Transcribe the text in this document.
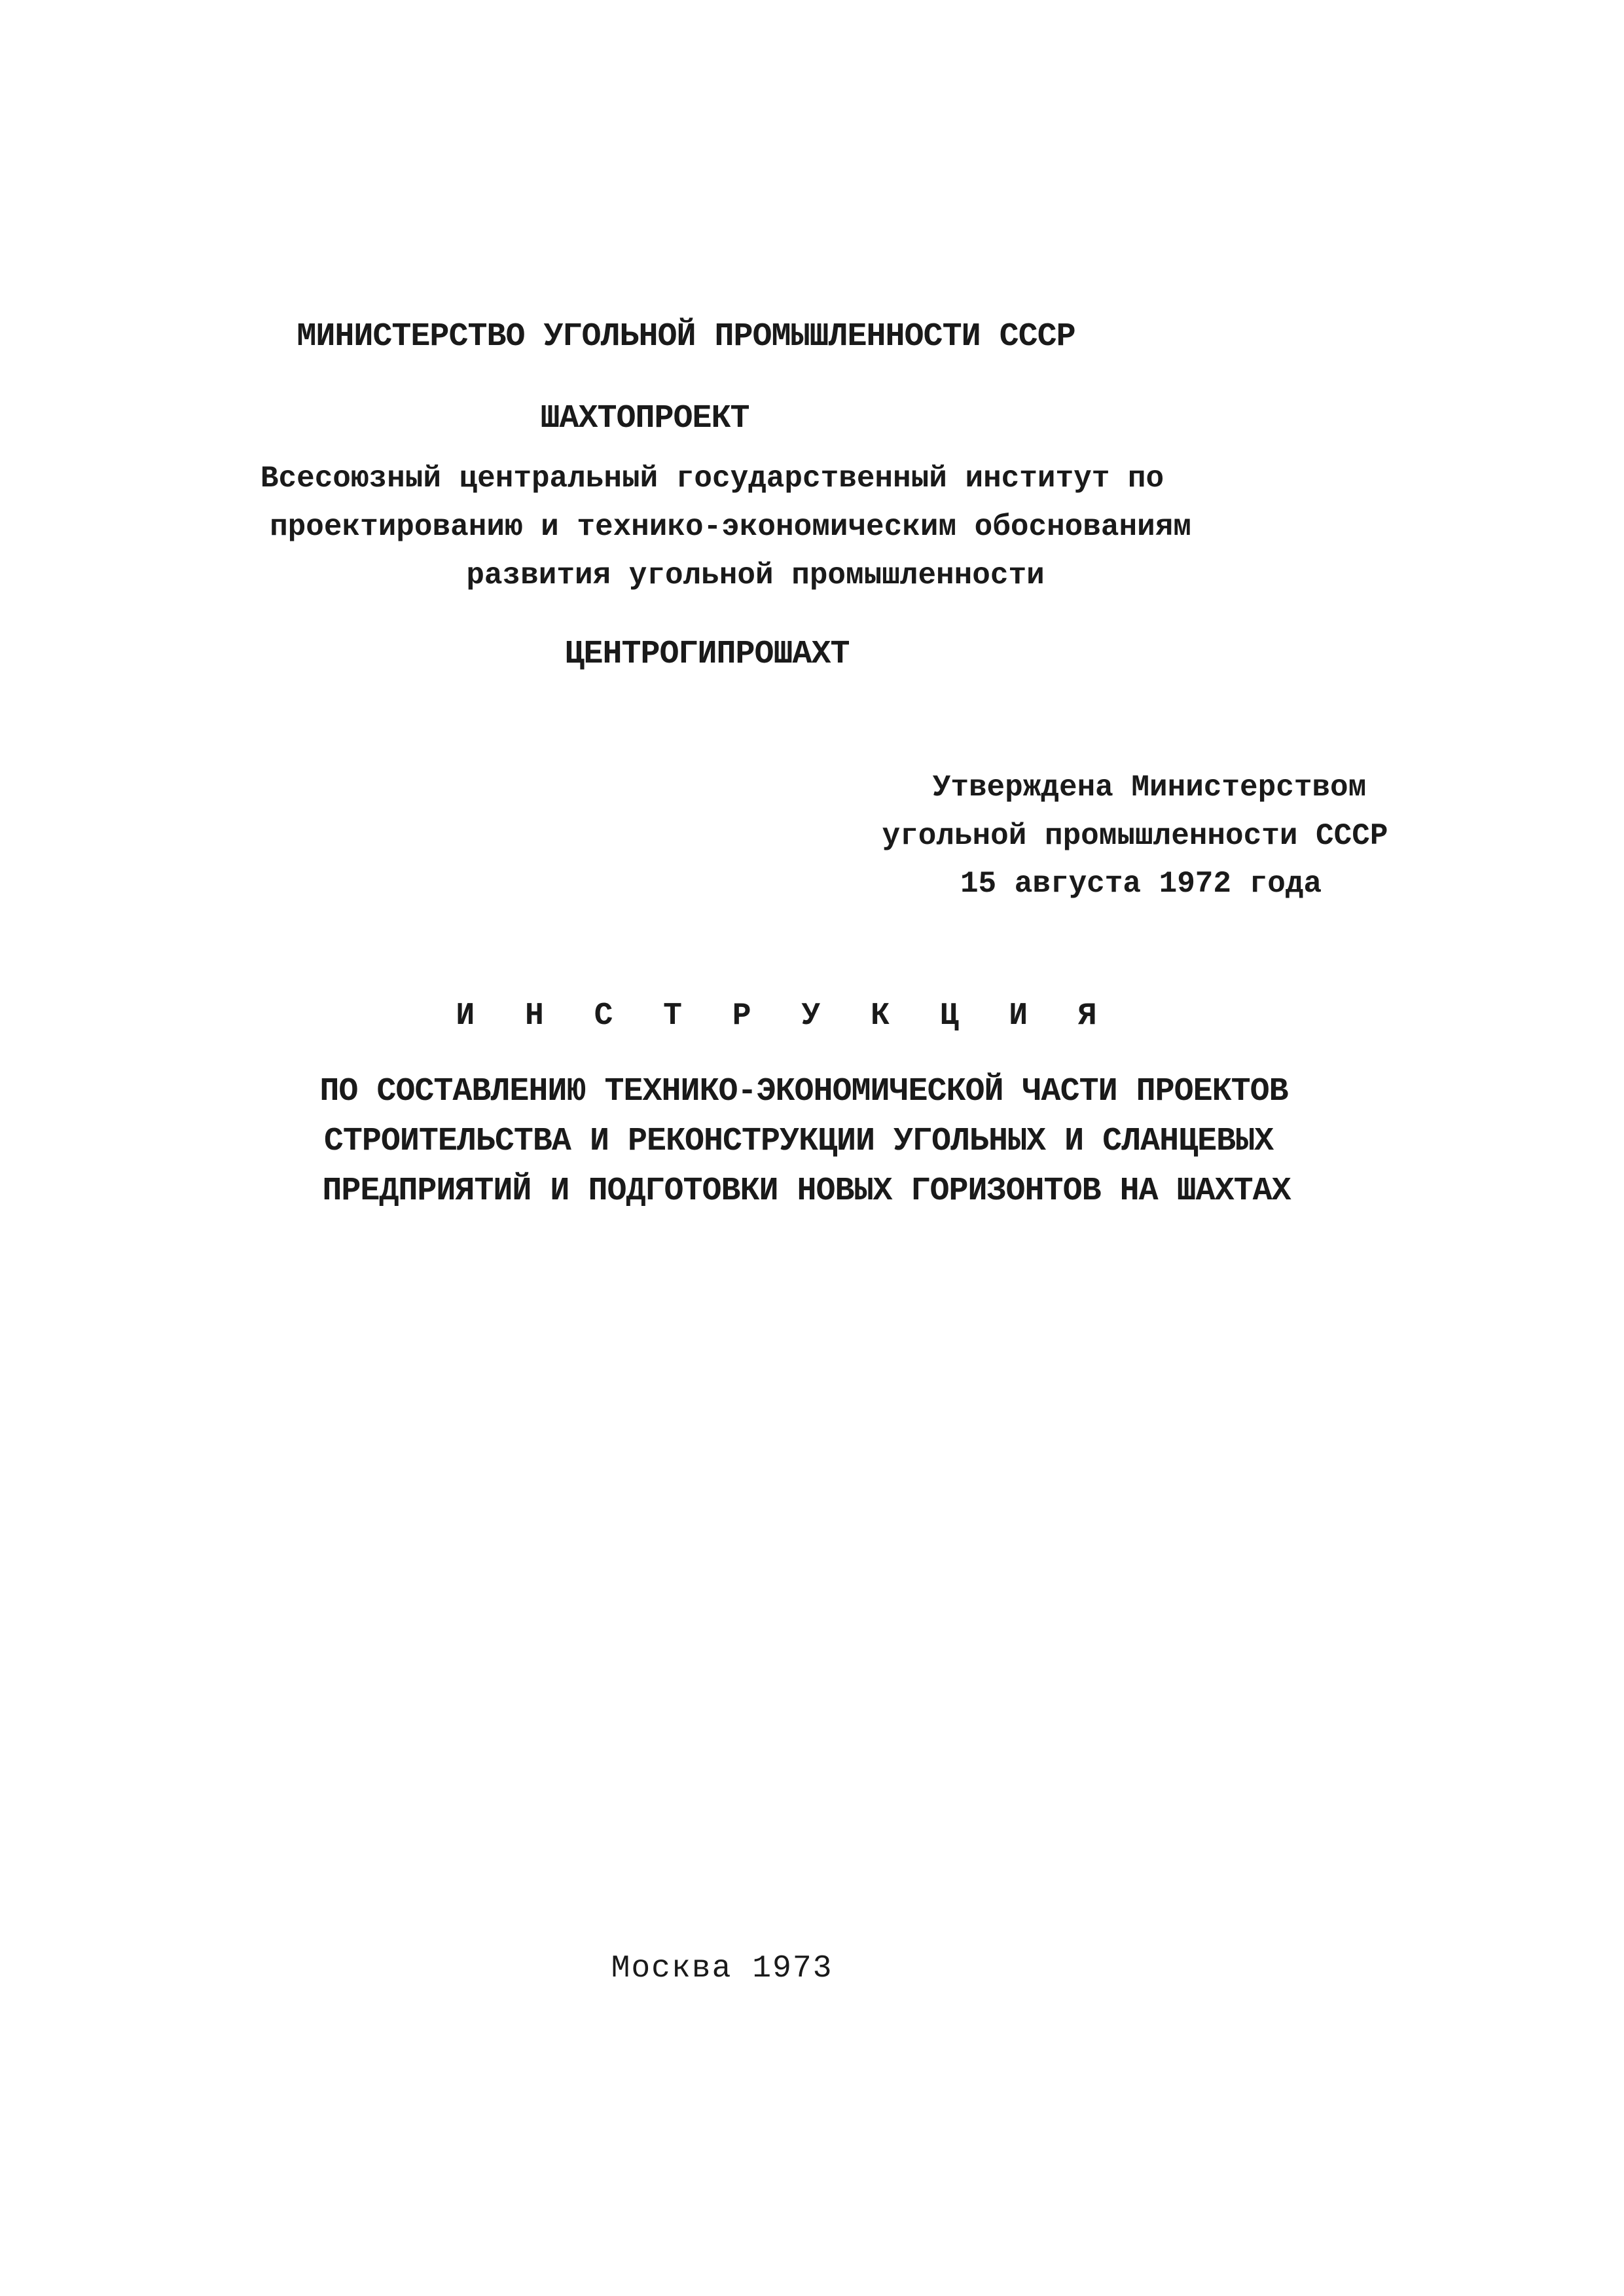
МИНИСТЕРСТВО УГОЛЬНОЙ ПРОМЫШЛЕННОСТИ СССР
ШАХТОПРОЕКТ
Всесоюзный центральный государственный институт по
проектированию и технико-экономическим обоснованиям
развития угольной промышленности
ЦЕНТРОГИПРОШАХТ
Утверждена Министерством
угольной промышленности СССР
15 августа 1972 года
И Н С Т Р У К Ц И Я
ПО СОСТАВЛЕНИЮ ТЕХНИКО-ЭКОНОМИЧЕСКОЙ ЧАСТИ ПРОЕКТОВ
СТРОИТЕЛЬСТВА И РЕКОНСТРУКЦИИ УГОЛЬНЫХ И СЛАНЦЕВЫХ
ПРЕДПРИЯТИЙ И ПОДГОТОВКИ НОВЫХ ГОРИЗОНТОВ НА ШАХТАХ
Москва 1973
